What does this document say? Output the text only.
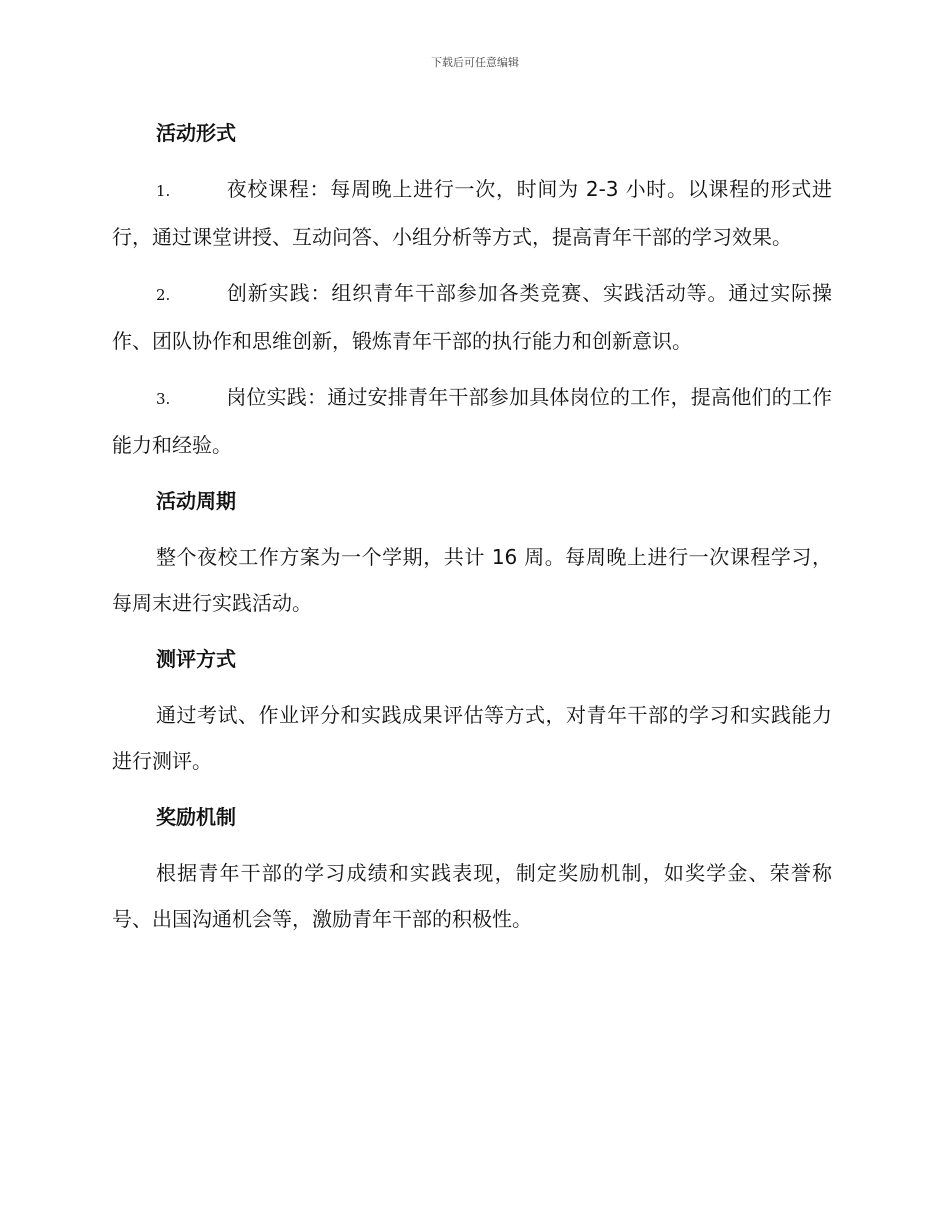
下载后可任意编辑
活动形式
1.	夜校课程：每周晚上进行一次，时间为 2-3 小时。以课程的形式进行，通过课堂讲授、互动问答、小组分析等方式，提高青年干部的学习效果。
2.	创新实践：组织青年干部参加各类竞赛、实践活动等。通过实际操作、团队协作和思维创新，锻炼青年干部的执行能力和创新意识。
3.	岗位实践：通过安排青年干部参加具体岗位的工作，提高他们的工作能力和经验。
活动周期
整个夜校工作方案为一个学期，共计 16 周。每周晚上进行一次课程学习，每周末进行实践活动。
测评方式
通过考试、作业评分和实践成果评估等方式，对青年干部的学习和实践能力进行测评。
奖励机制
根据青年干部的学习成绩和实践表现，制定奖励机制，如奖学金、荣誉称号、出国沟通机会等，激励青年干部的积极性。
